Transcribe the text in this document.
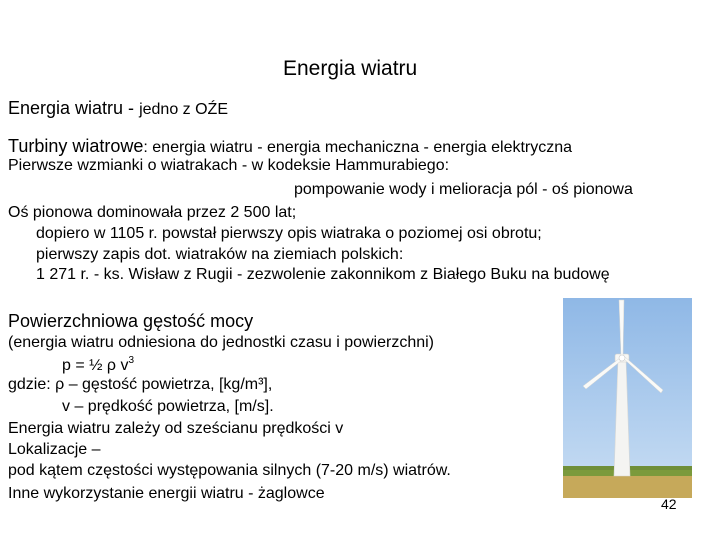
Energia wiatru
Energia wiatru - jedno z OŹE
Turbiny wiatrowe: energia wiatru - energia mechaniczna - energia elektryczna
Pierwsze wzmianki o wiatrakach - w kodeksie Hammurabiego:
pompowanie wody i melioracja pól - oś pionowa
Oś pionowa dominowała przez 2 500 lat;
dopiero w 1105 r. powstał pierwszy opis wiatraka o poziomej osi obrotu;
pierwszy zapis dot. wiatraków na ziemiach polskich:
1 271 r. - ks. Wisław z Rugii - zezwolenie zakonnikom z Białego Buku na budowę
Powierzchniowa gęstość mocy
(energia wiatru odniesiona do jednostki czasu i powierzchni)
p = ½ ρ $v^3$
gdzie: ρ – gęstość powietrza, [kg/m³],
v – prędkość powietrza, [m/s].
Energia wiatru zależy od sześcianu prędkości v
Lokalizacje –
pod kątem częstości występowania silnych (7-20 m/s) wiatrów.
Inne wykorzystanie energii wiatru - żaglowce
42
